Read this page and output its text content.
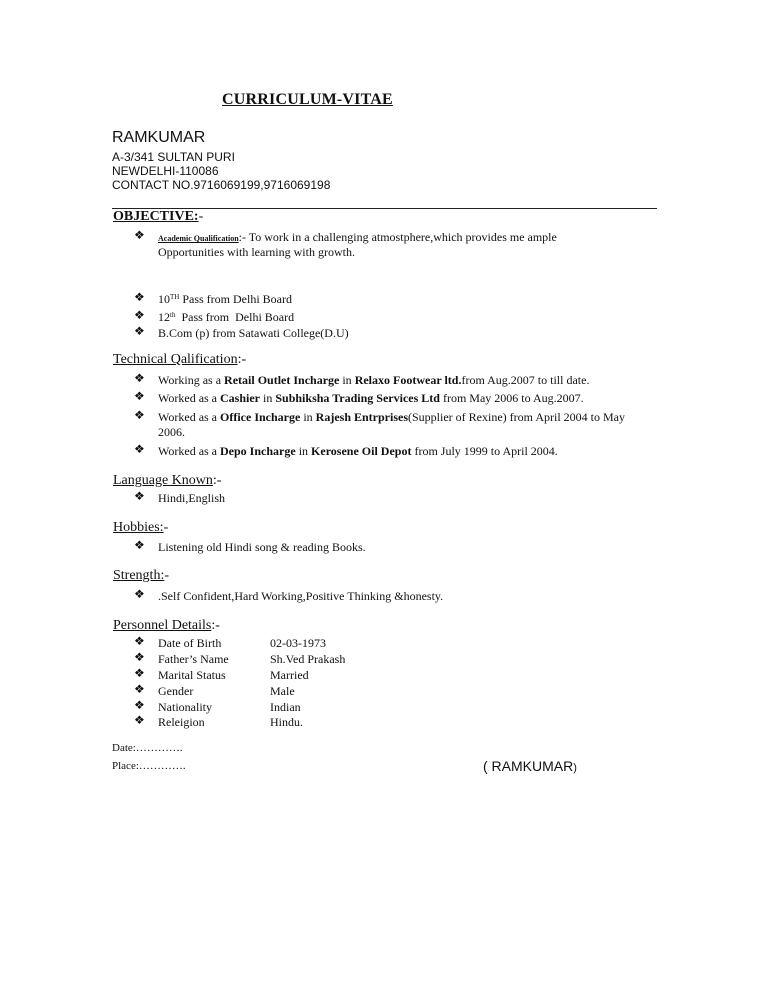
CURRICULUM-VITAE
RAMKUMAR
A-3/341 SULTAN PURI
NEWDELHI-110086
CONTACT NO.9716069199,9716069198
OBJECTIVE:-
❖ Academic Qualification:- To work in a challenging atmostphere,which provides me ample
Opportunities with learning with growth.
❖ 10TH Pass from Delhi Board
❖ 12th  Pass from  Delhi Board
❖ B.Com (p) from Satawati College(D.U)
Technical Qalification:-
❖ Working as a Retail Outlet Incharge in Relaxo Footwear ltd.from Aug.2007 to till date.
❖ Worked as a Cashier in Subhiksha Trading Services Ltd from May 2006 to Aug.2007.
❖ Worked as a Office Incharge in Rajesh Entrprises(Supplier of Rexine) from April 2004 to May
2006.
❖ Worked as a Depo Incharge in Kerosene Oil Depot from July 1999 to April 2004.
Language Known:-
❖ Hindi,English
Hobbies:-
❖ Listening old Hindi song & reading Books.
Strength:-
❖ .Self Confident,Hard Working,Positive Thinking &honesty.
Personnel Details:-
❖ Date of Birth	02-03-1973
❖ Father’s Name	Sh.Ved Prakash
❖ Marital Status	Married
❖ Gender	Male
❖ Nationality	Indian
❖ Releigion	Hindu.
Date:………….
Place:………….	( RAMKUMAR)
